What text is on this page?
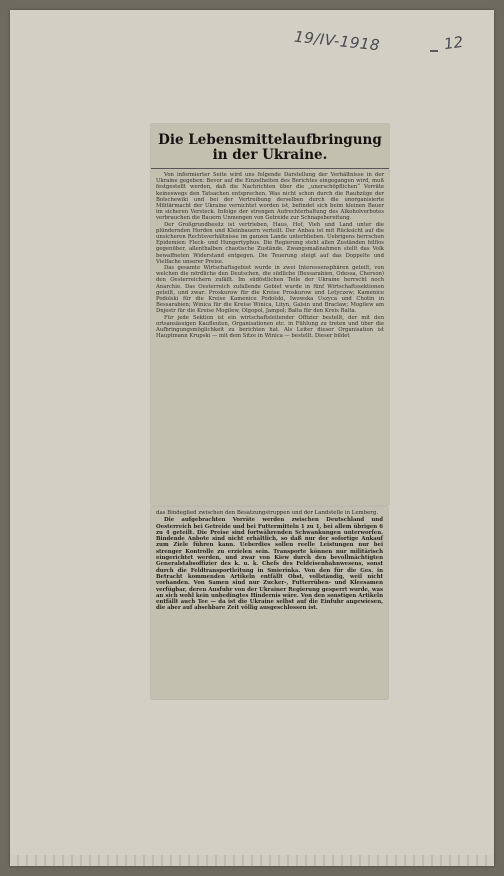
19/IV-1918	12
Die Lebensmittelaufbringung in der Ukraine.

Von informierter Seite wird uns folgende Darstellung der Verhältnisse in der Ukraine gegeben: Bevor auf die Einzelheiten des Berichtes eingegangen wird, muß festgestellt werden, daß die Nachrichten über die „unerschöpflichen“ Vorräte keineswegs den Tatsachen entsprechen. Was nicht schon durch die Raubzüge der Bolschewiki und bei der Vertreibung derselben durch die unorganisierte Militärmacht der Ukraine vernichtet worden ist, befindet sich beim kleinen Bauer im sicheren Versteck. Infolge der strengen Aufrechterhaltung des Alkoholverbotes verbrauchen die Bauern Unmengen von Getreide zur Schnapsbereitung.

Der Großgrundbesitz ist vertrieben, Haus, Hof, Vieh und Land unter die plündernden Horden und Kleinbauern verteilt. Der Anbau ist mit Rücksicht auf die unsicheren Rechtsverhältnisse im ganzen Lande unterblieben. Uebrigens herrschen Epidemien: Fleck- und Hungertyphus. Die Regierung steht allen Zuständen hilflos gegenüber, allenthalben chaotische Zustände. Zwangsmaßnahmen stellt das Volk bewaffneten Widerstand entgegen. Die Teuerung steigt auf das Doppelte und Vielfache unserer Preise.

Das gesamte Wirtschaftsgebiet wurde in zwei Interessensphären geteilt, von welchen die nördliche den Deutschen, die südliche (Bessarabien, Odessa, Cherson) den Oesterreichern zufällt. Im südöstlichen Teile der Ukraine herrscht noch Anarchie. Das Oesterreich zufallende Gebiet wurde in fünf Wirtschaftssektionen geteilt, und zwar: Proskurow für die Kreise Proskurow und Letyczew; Kamenice Podolski für die Kreise Kamenice Podolski, Iwowska Uszyca und Chotin in Bessarabien; Winica für die Kreise Winica, Lityn, Galsin und Braclaw; Mogilew am Dnjestr für die Kreise Mogilew, Olgopol, Jampol; Balta für den Kreis Balta.

Für jede Sektion ist ein wirtschaftsleitender Offizier bestellt, der mit den ortsansässigen Kaufleuten, Organisationen etc. in Fühlung zu treten und über die Aufbringungsmöglichkeit zu berichten hat. Als Leiter dieser Organisation ist Hauptmann Krupski — mit dem Sitze in Winica — bestellt. Dieser bildet

das Bindeglied zwischen den Besatzungstruppen und der Landstelle in Lemberg.

Die aufgebrachten Vorräte werden zwischen Deutschland und Oesterreich bei Getreide und bei Futtermitteln 1 zu 1, bei allem übrigen 6 zu 4 geteilt. Die Preise sind fortwährenden Schwankungen unterworfen. Bindende Anbote sind nicht erhältlich, so daß nur der sofortige Ankauf zum Ziele führen kann. Ueberdies sollen reelle Leistungen nur bei strenger Kontrolle zu erzielen sein. Transporte können nur militärisch eingerichtet werden, und zwar von Kiew durch den bevollmächtigten Generalstabsoffizier des k. u. k. Chefs des Feldeisenbahnwesens, sonst durch die Feldtransportleitung in Smierinka. Von den für die Ges. in Betracht kommenden Artikeln entfällt Obst, vollständig, weil nicht vorhanden. Von Samen sind nur Zucker-, Futterrüben- und Kleesamen verfügbar, deren Ausfuhr von der Ukrainer Regierung gesperrt wurde, was an sich wohl kein unbedingtes Hindernis wäre. Von den sonstigen Artikeln entfällt auch Tee — da ist die Ukraine selbst auf die Einfuhr angewiesen, die aber auf absehbare Zeit völlig ausgeschlossen ist.
